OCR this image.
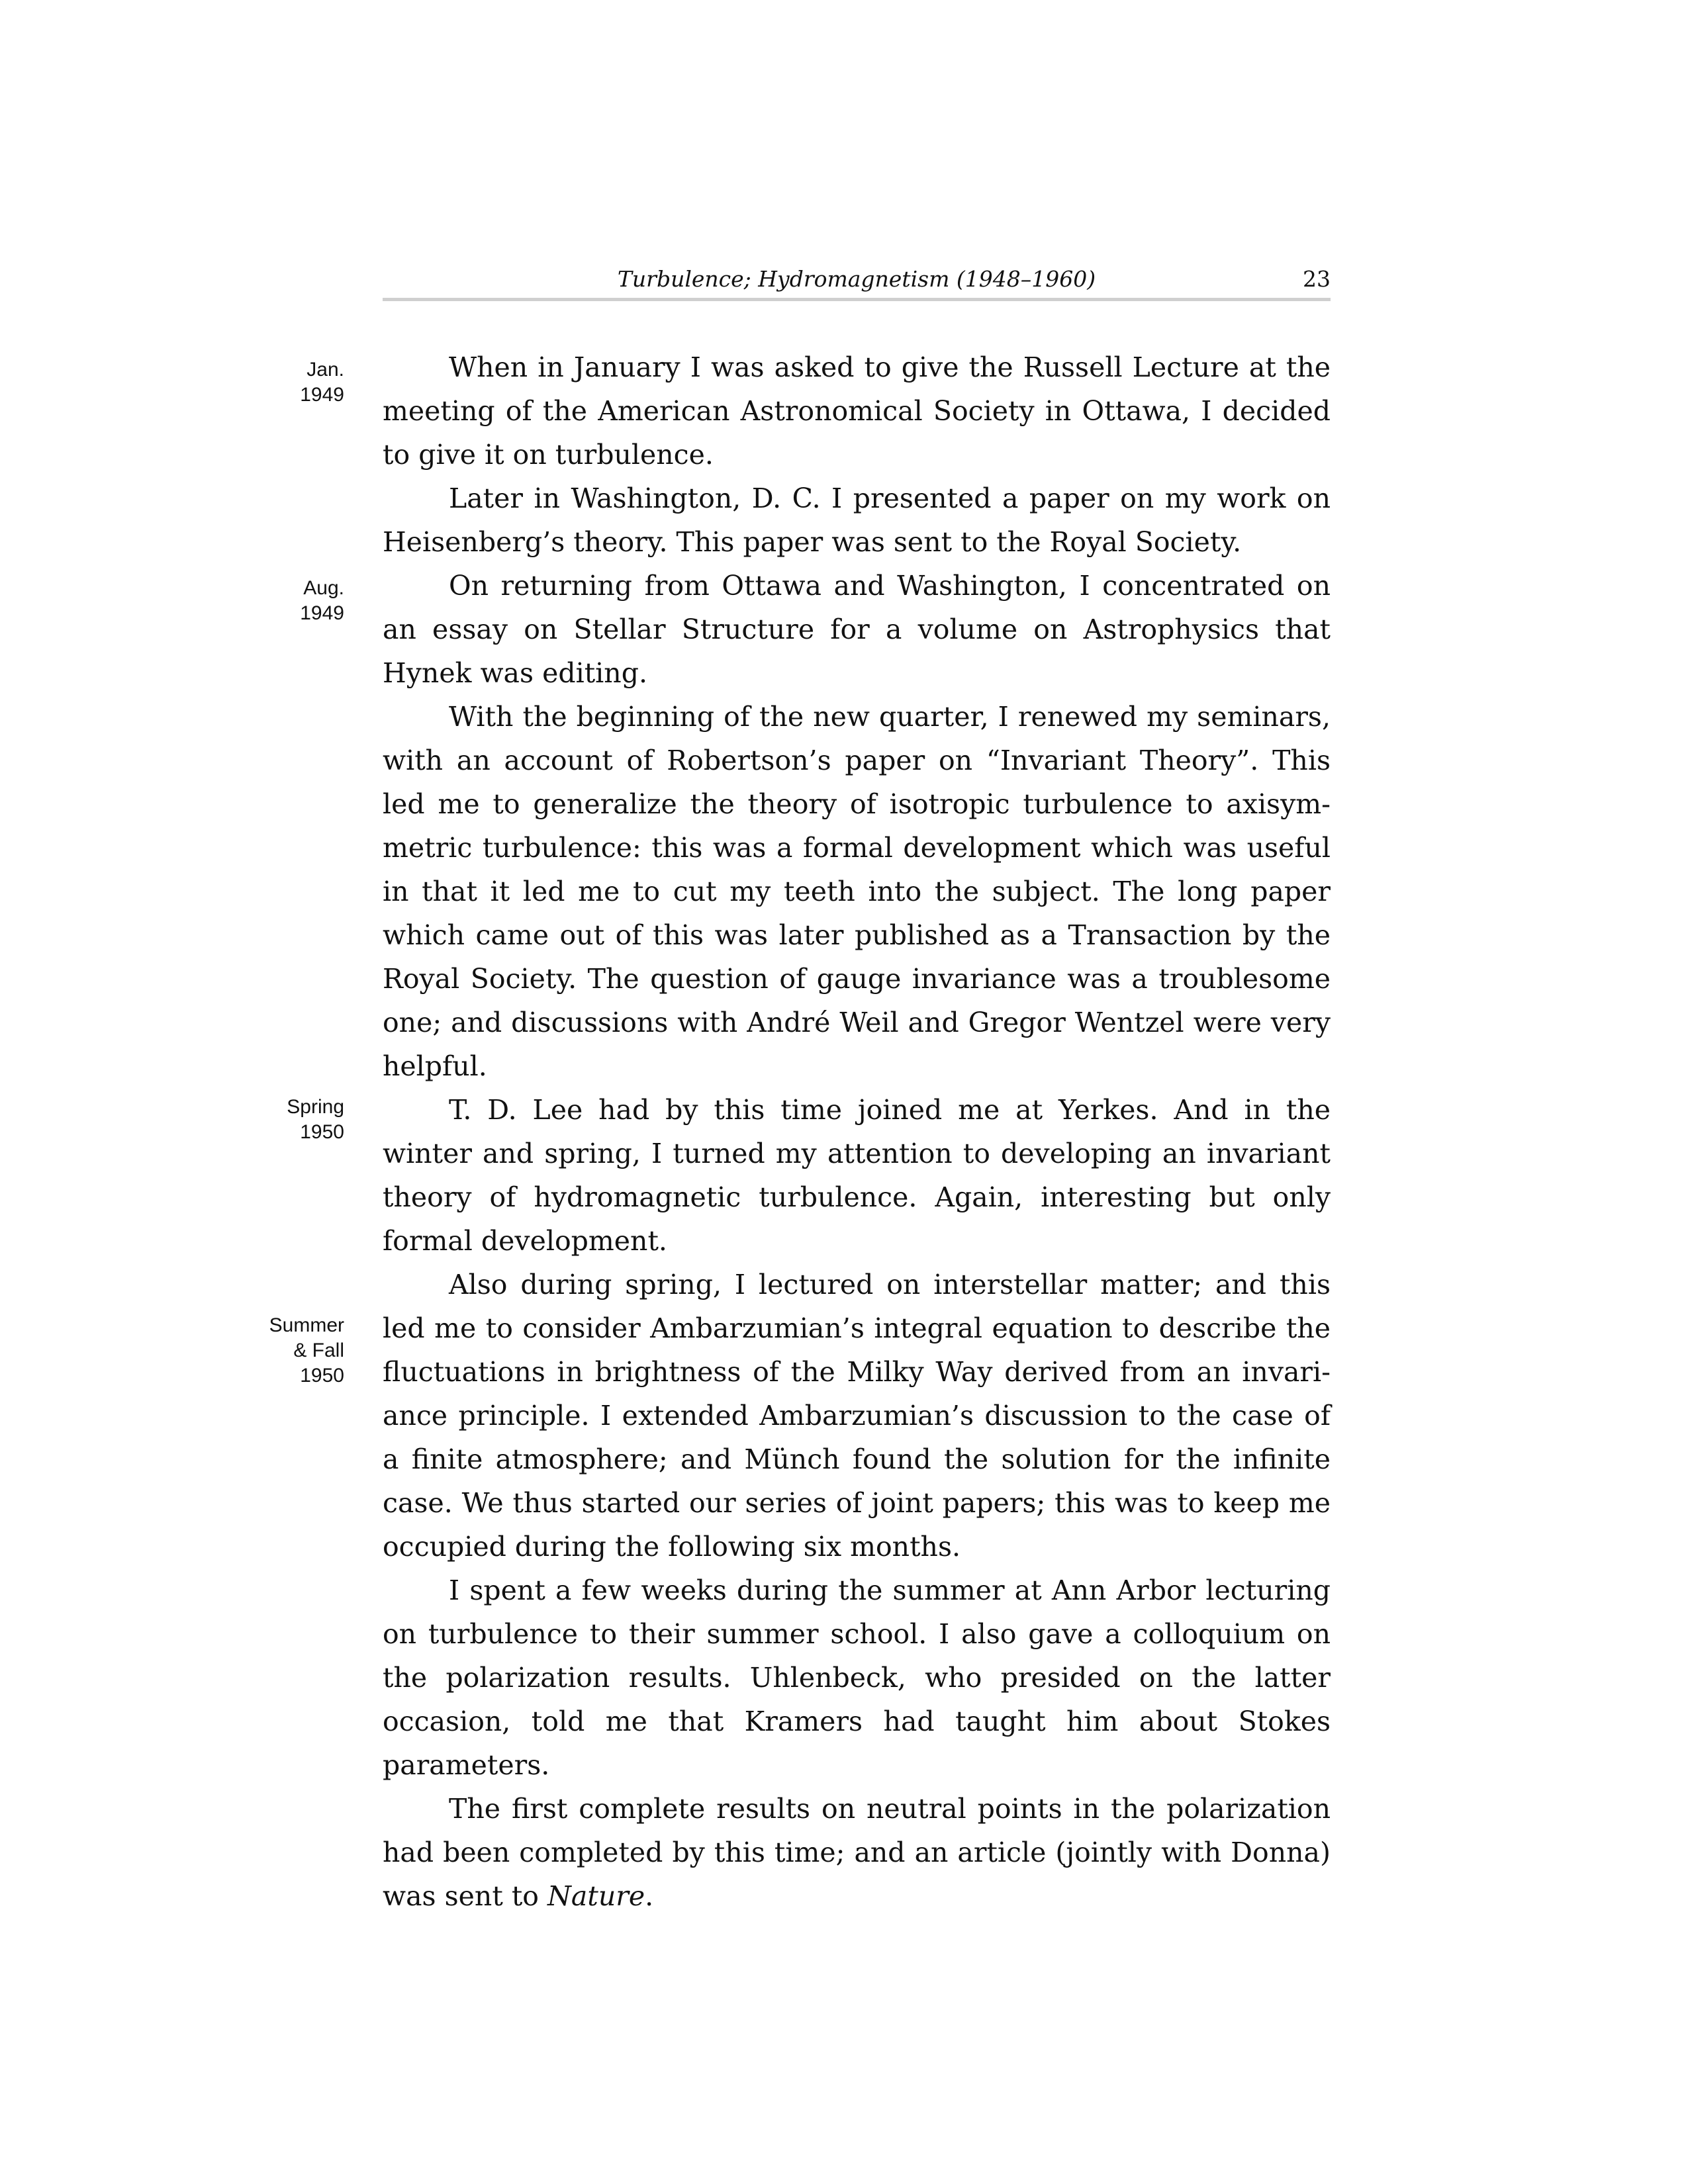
Turbulence; Hydromagnetism (1948–1960)	23
Jan.
1949
Aug.
1949
Spring
1950
Summer
& Fall
1950

When in January I was asked to give the Russell Lecture at the meeting of the American Astronomical Society in Ottawa, I decided to give it on turbulence.

Later in Washington, D. C. I presented a paper on my work on Heisenberg’s theory. This paper was sent to the Royal Society.

On returning from Ottawa and Washington, I concentrated on an essay on Stellar Structure for a volume on Astrophysics that Hynek was editing.

With the beginning of the new quarter, I renewed my seminars, with an account of Robertson’s paper on “Invariant Theory”. This led me to generalize the theory of isotropic turbulence to axisymmetric turbulence: this was a formal development which was useful in that it led me to cut my teeth into the subject. The long paper which came out of this was later published as a Transaction by the Royal Society. The question of gauge invariance was a troublesome one; and discussions with André Weil and Gregor Wentzel were very helpful.

T. D. Lee had by this time joined me at Yerkes. And in the winter and spring, I turned my attention to developing an invariant theory of hydromagnetic turbulence. Again, interesting but only formal development.

Also during spring, I lectured on interstellar matter; and this led me to consider Ambarzumian’s integral equation to describe the fluctuations in brightness of the Milky Way derived from an invariance principle. I extended Ambarzumian’s discussion to the case of a finite atmosphere; and Münch found the solution for the infinite case. We thus started our series of joint papers; this was to keep me occupied during the following six months.

I spent a few weeks during the summer at Ann Arbor lecturing on turbulence to their summer school. I also gave a colloquium on the polarization results. Uhlenbeck, who presided on the latter occasion, told me that Kramers had taught him about Stokes parameters.

The first complete results on neutral points in the polarization had been completed by this time; and an article (jointly with Donna) was sent to Nature.
